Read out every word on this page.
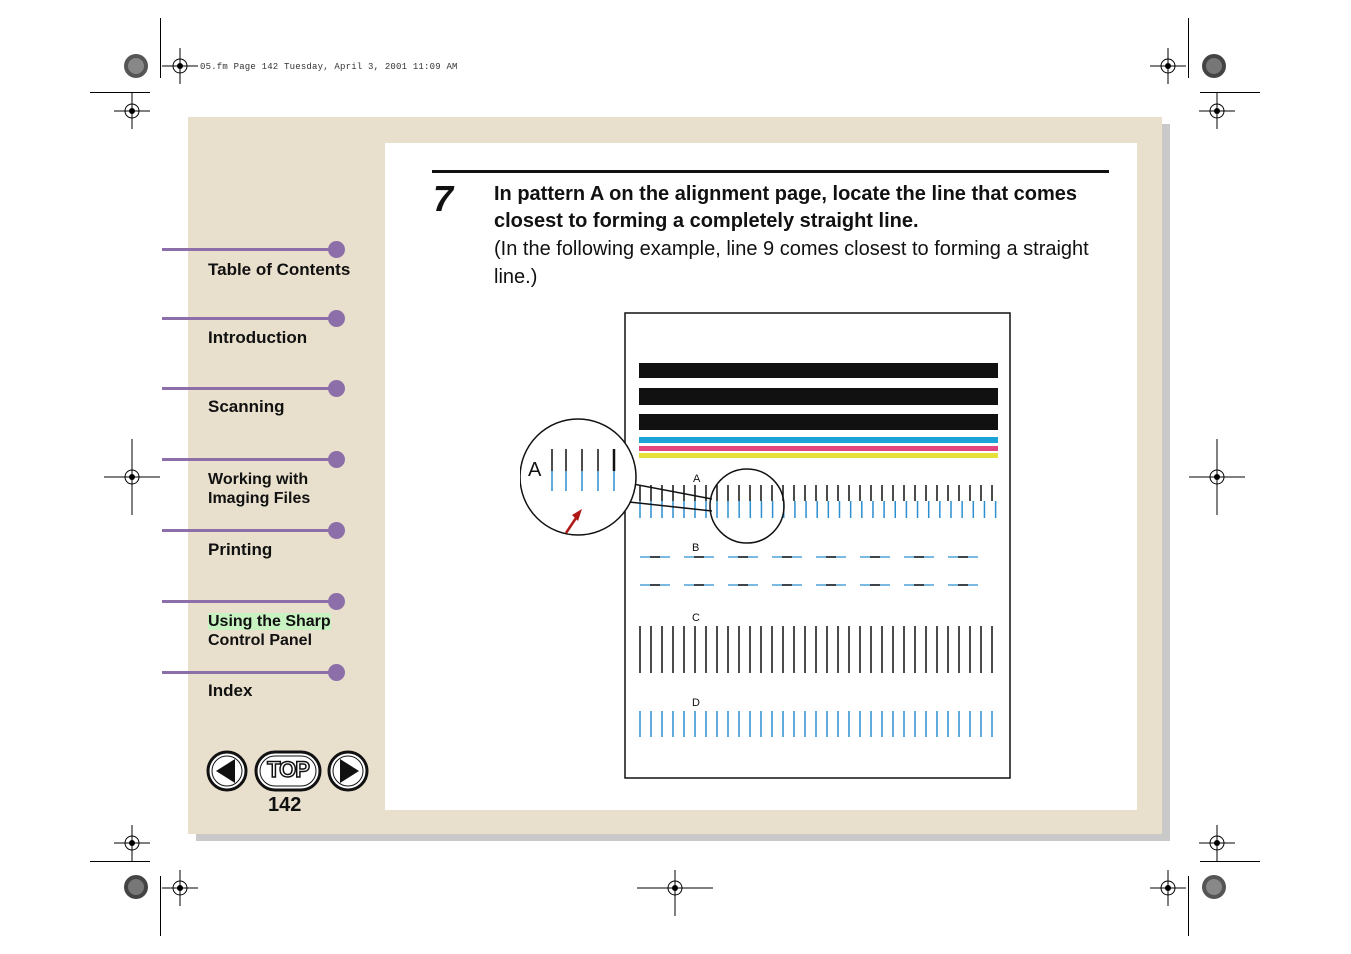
05.fm Page 142 Tuesday, April 3, 2001 11:09 AM
Table of Contents
Introduction
Scanning
Working with
Imaging Files
Printing
Using the Sharp
Control Panel
Index
TOP
142
7 In pattern A on the alignment page, locate the line that comes closest to forming a completely straight line.
(In the following example, line 9 comes closest to forming a straight line.)
A
B
C
D
A
